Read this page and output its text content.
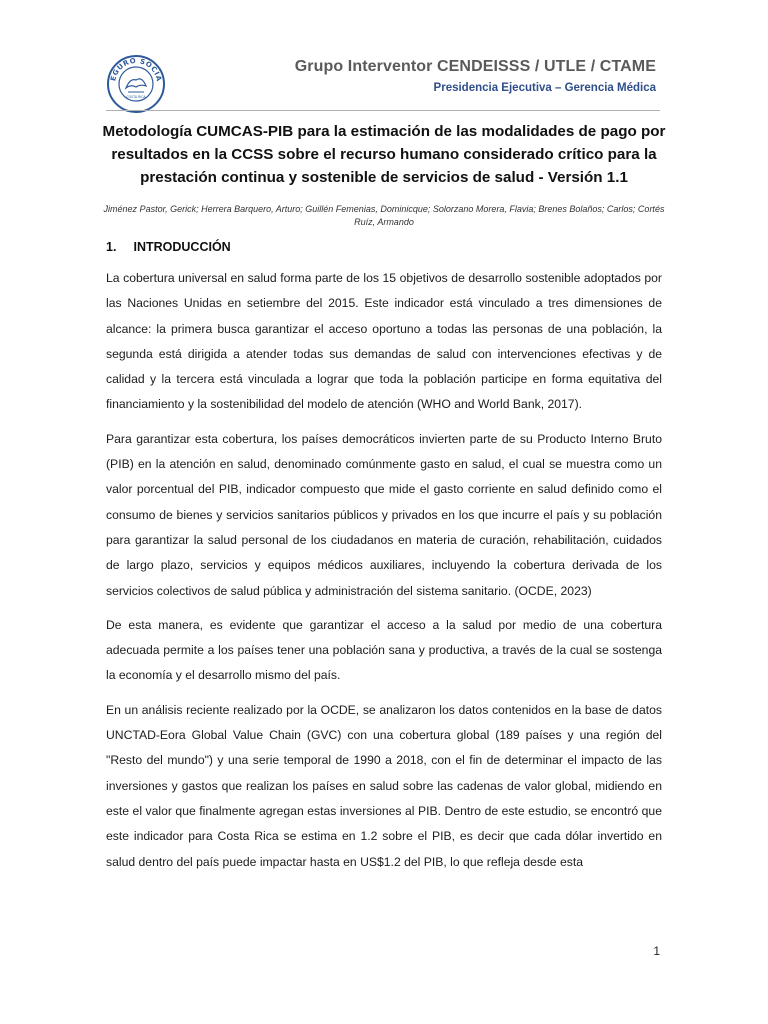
EGURO SOCIA
COSTA RICA
Grupo Interventor CENDEISSS / UTLE / CTAME
Presidencia Ejecutiva – Gerencia Médica
Metodología CUMCAS-PIB para la estimación de las modalidades de pago por resultados en la CCSS sobre el recurso humano considerado crítico para la prestación continua y sostenible de servicios de salud - Versión 1.1
Jiménez Pastor, Gerick; Herrera Barquero, Arturo; Guillén Femenias, Dominicque; Solorzano Morera, Flavia; Brenes Bolaños; Carlos; Cortés Ruíz, Armando
1. INTRODUCCIÓN

La cobertura universal en salud forma parte de los 15 objetivos de desarrollo sostenible adoptados por las Naciones Unidas en setiembre del 2015. Este indicador está vinculado a tres dimensiones de alcance: la primera busca garantizar el acceso oportuno a todas las personas de una población, la segunda está dirigida a atender todas sus demandas de salud con intervenciones efectivas y de calidad y la tercera está vinculada a lograr que toda la población participe en forma equitativa del financiamiento y la sostenibilidad del modelo de atención (WHO and World Bank, 2017).

Para garantizar esta cobertura, los países democráticos invierten parte de su Producto Interno Bruto (PIB) en la atención en salud, denominado comúnmente gasto en salud, el cual se muestra como un valor porcentual del PIB, indicador compuesto que mide el gasto corriente en salud definido como el consumo de bienes y servicios sanitarios públicos y privados en los que incurre el país y su población para garantizar la salud personal de los ciudadanos en materia de curación, rehabilitación, cuidados de largo plazo, servicios y equipos médicos auxiliares, incluyendo la cobertura derivada de los servicios colectivos de salud pública y administración del sistema sanitario. (OCDE, 2023)

De esta manera, es evidente que garantizar el acceso a la salud por medio de una cobertura adecuada permite a los países tener una población sana y productiva, a través de la cual se sostenga la economía y el desarrollo mismo del país.

En un análisis reciente realizado por la OCDE, se analizaron los datos contenidos en la base de datos UNCTAD-Eora Global Value Chain (GVC) con una cobertura global (189 países y una región del "Resto del mundo") y una serie temporal de 1990 a 2018, con el fin de determinar el impacto de las inversiones y gastos que realizan los países en salud sobre las cadenas de valor global, midiendo en este el valor que finalmente agregan estas inversiones al PIB. Dentro de este estudio, se encontró que este indicador para Costa Rica se estima en 1.2 sobre el PIB, es decir que cada dólar invertido en salud dentro del país puede impactar hasta en US$1.2 del PIB, lo que refleja desde esta

1
